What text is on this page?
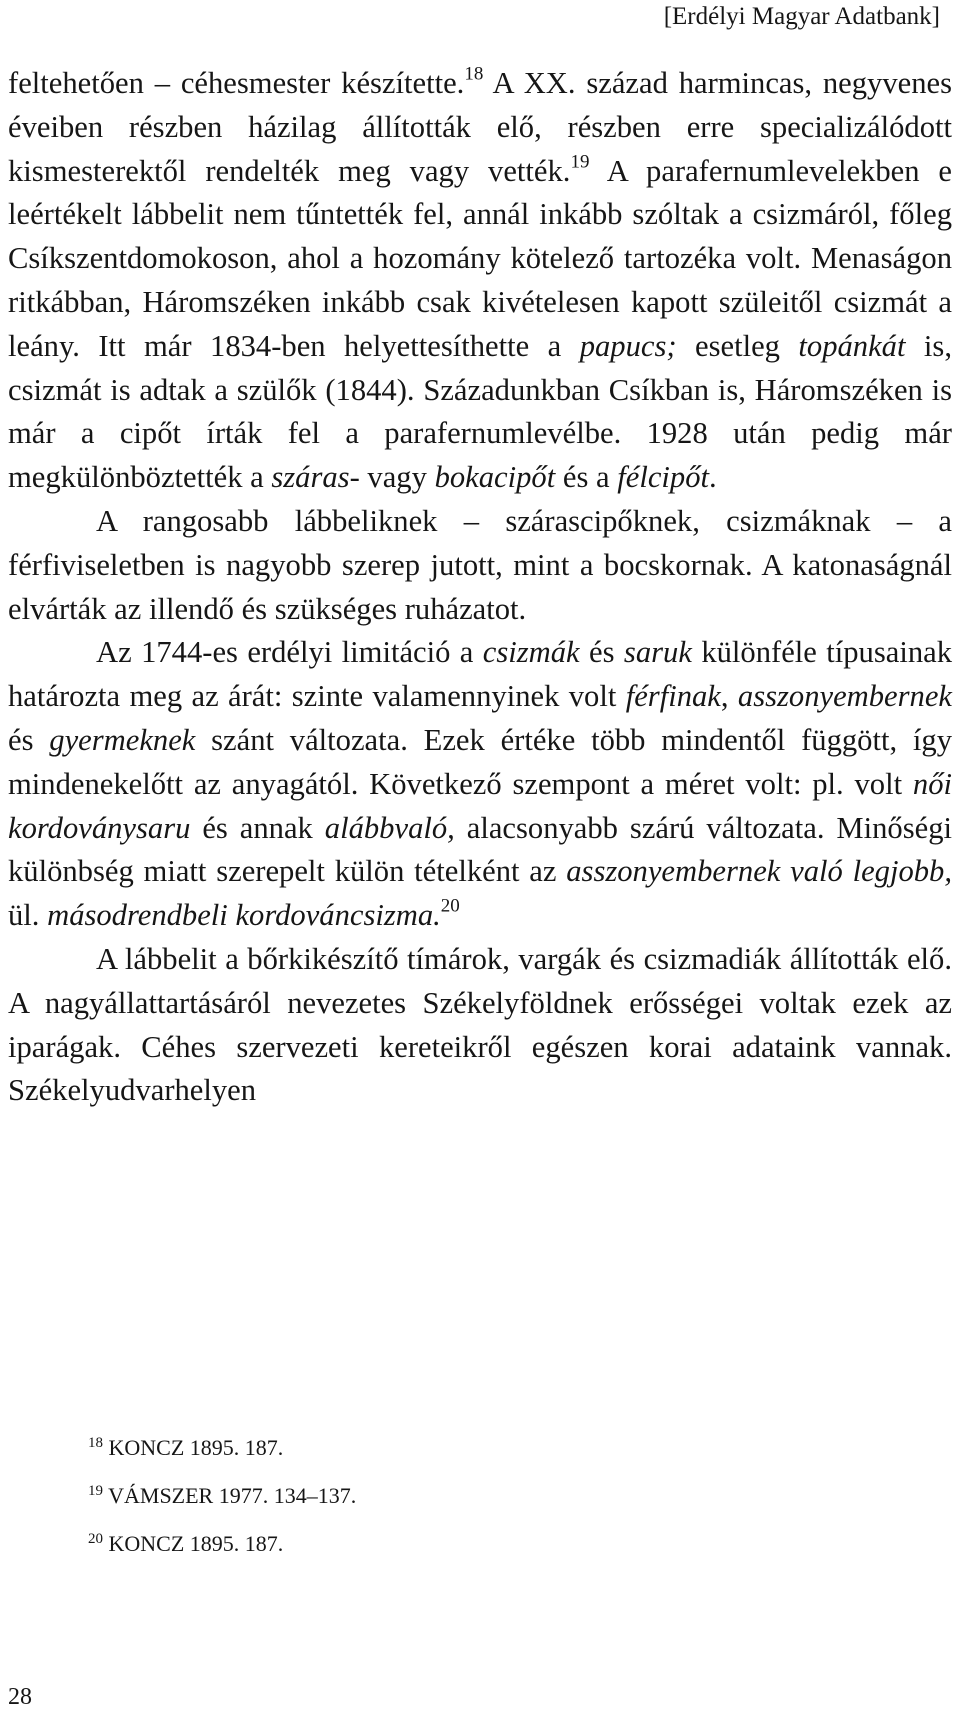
[Erdélyi Magyar Adatbank]

feltehetően – céhesmester készítette.$^{18}$ A XX. század harmincas, negyvenes éveiben részben házilag állították elő, részben erre specializálódott kismesterektől rendelték meg vagy vették.$^{19}$ A parafernumlevelekben e leértékelt lábbelit nem tűntették fel, annál inkább szóltak a csizmáról, főleg Csíkszentdomokoson, ahol a hozomány kötelező tartozéka volt. Menaságon ritkábban, Háromszéken inkább csak kivételesen kapott szüleitől csizmát a leány. Itt már 1834-ben helyettesíthette a papucs; esetleg topánkát is, csizmát is adtak a szülők (1844). Századunkban Csíkban is, Háromszéken is már a cipőt írták fel a parafernumlevélbe. 1928 után pedig már megkülönböztették a száras- vagy bokacipőt és a félcipőt.

A rangosabb lábbeliknek – szárascipőknek, csizmáknak – a férfiviseletben is nagyobb szerep jutott, mint a bocskornak. A katonaságnál elvárták az illendő és szükséges ruházatot.

Az 1744-es erdélyi limitáció a csizmák és saruk különféle típusainak határozta meg az árát: szinte valamennyinek volt férfinak, asszonyembernek és gyermeknek szánt változata. Ezek értéke több mindentől függött, így mindenekelőtt az anyagától. Következő szempont a méret volt: pl. volt női kordoványsaru és annak alábbvaló, alacsonyabb szárú változata. Minőségi különbség miatt szerepelt külön tételként az asszonyembernek való legjobb, ül. másodrendbeli kordováncsizma.$^{20}$

A lábbelit a bőrkikészítő tímárok, vargák és csizmadiák állították elő. A nagyállattartásáról nevezetes Székelyföldnek erősségei voltak ezek az iparágak. Céhes szervezeti kereteikről egészen korai adataink vannak. Székelyudvarhelyen

$^{18}$ KONCZ 1895. 187.
$^{19}$ VÁMSZER 1977. 134–137.
$^{20}$ KONCZ 1895. 187.
28
